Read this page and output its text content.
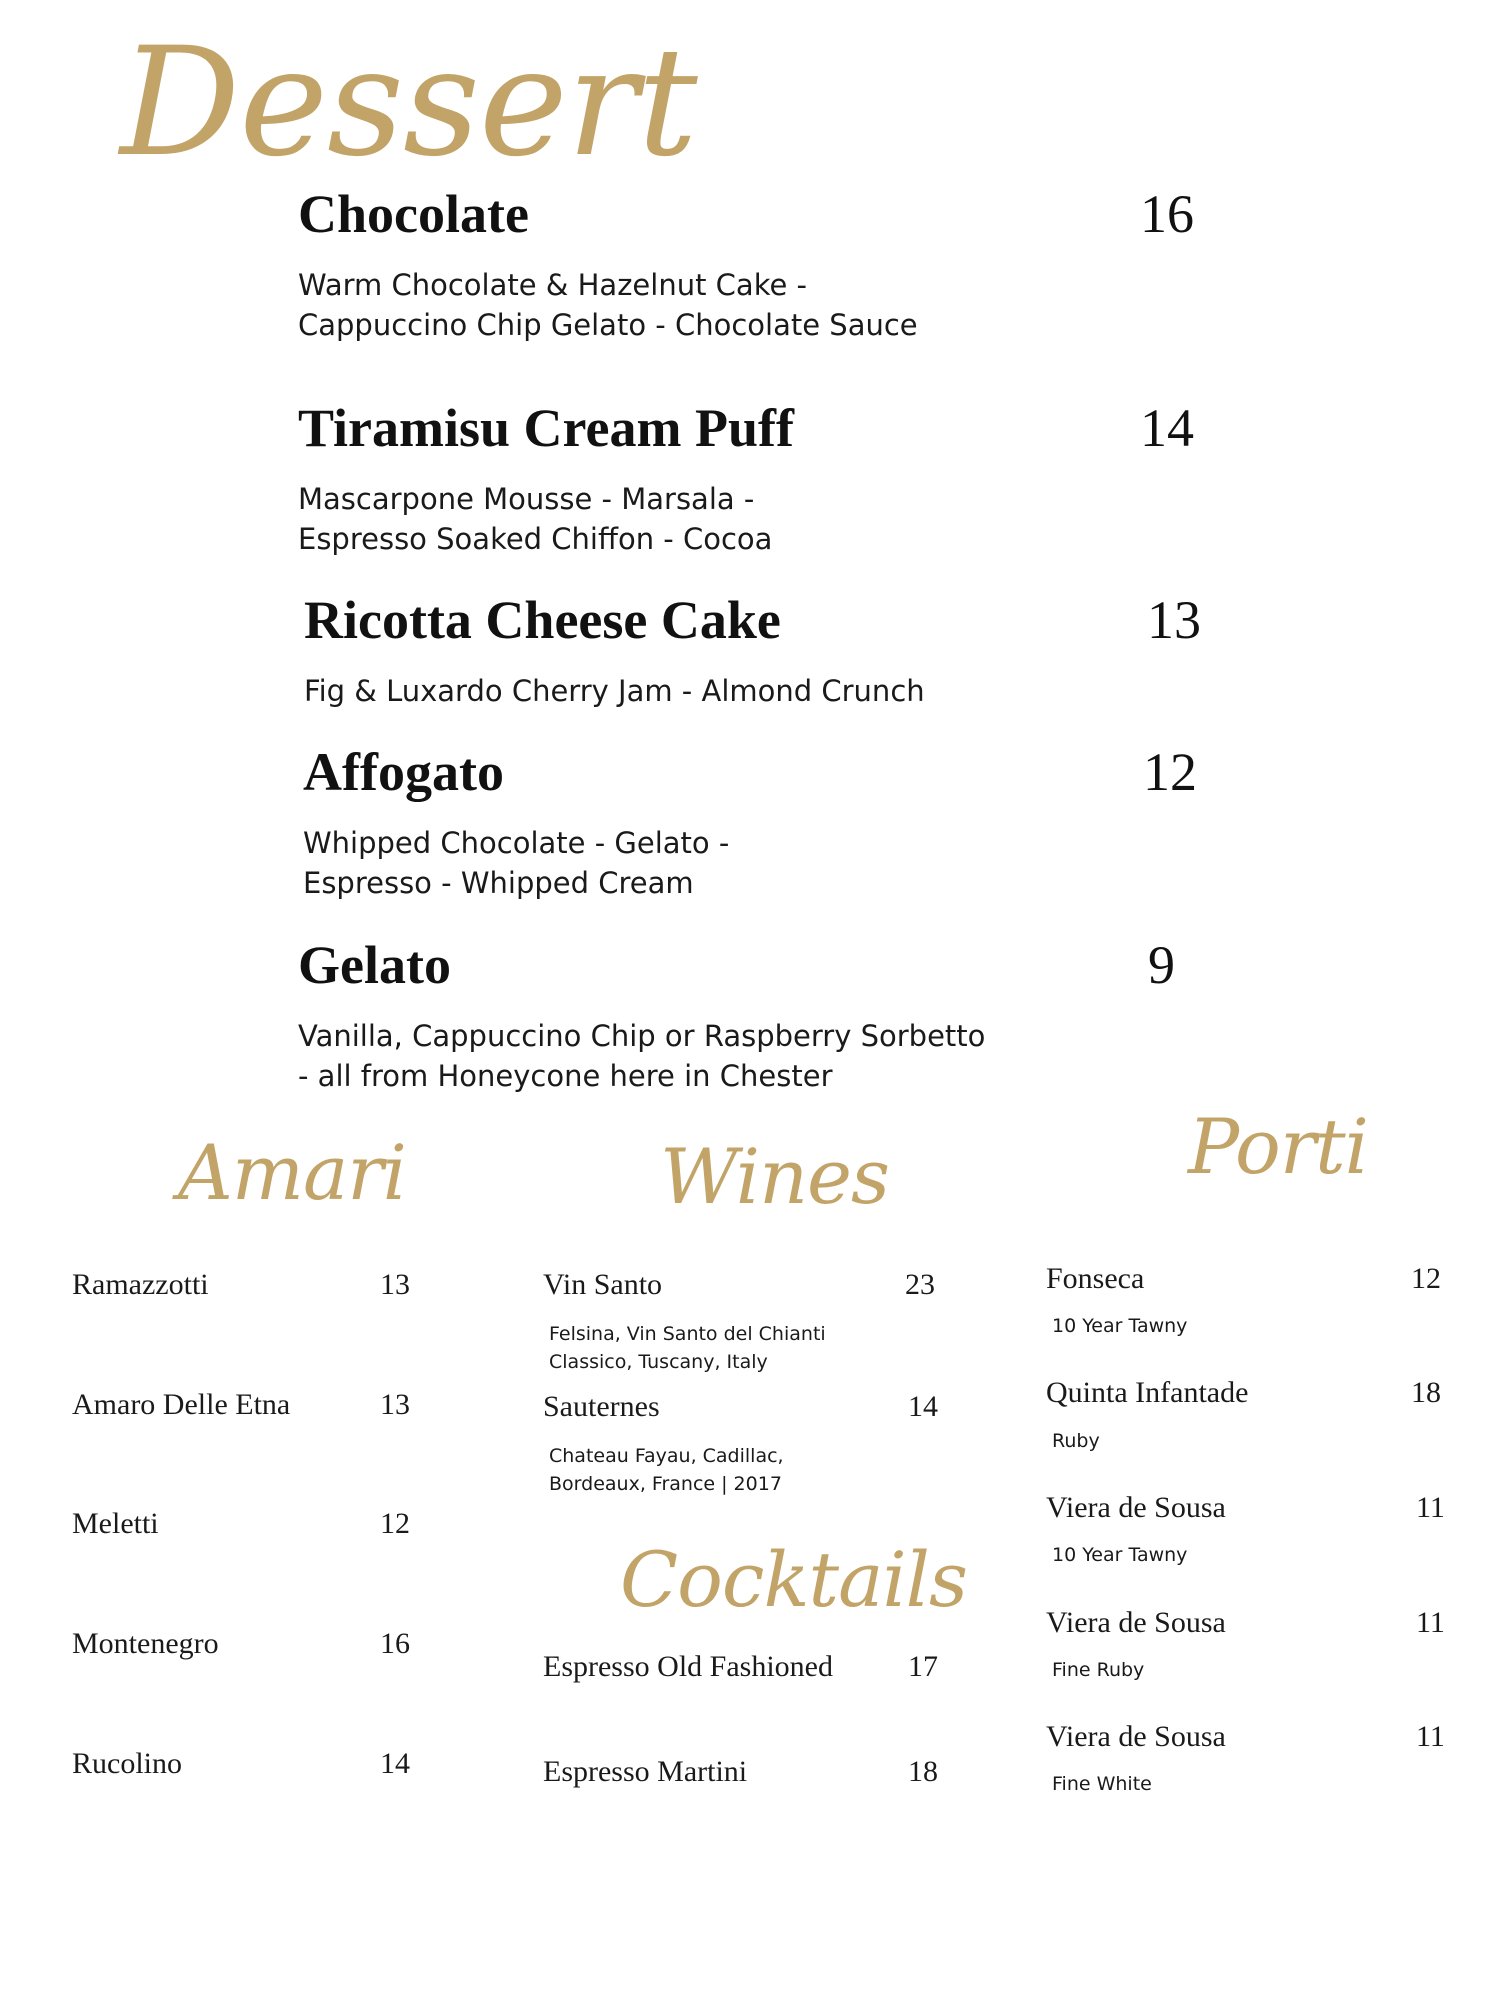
Dessert
Amari	Wines	Porti
Cocktails
Chocolate	16
Warm Chocolate & Hazelnut Cake -
Cappuccino Chip Gelato - Chocolate Sauce
Tiramisu Cream Puff	14
Mascarpone Mousse - Marsala -
Espresso Soaked Chiffon - Cocoa
Ricotta Cheese Cake	13
Fig & Luxardo Cherry Jam - Almond Crunch
Affogato	12
Whipped Chocolate - Gelato -
Espresso - Whipped Cream
Gelato	9
Vanilla, Cappuccino Chip or Raspberry Sorbetto
- all from Honeycone here in Chester
Ramazzotti	13
Amaro Delle Etna	13
Meletti	12
Montenegro	16
Rucolino	14
Vin Santo	23
Felsina, Vin Santo del Chianti
Classico, Tuscany, Italy
Sauternes	14
Chateau Fayau, Cadillac,
Bordeaux, France | 2017
Espresso Old Fashioned	17
Espresso Martini	18
Fonseca	12
10 Year Tawny
Quinta Infantade	18
Ruby
Viera de Sousa	11
10 Year Tawny
Viera de Sousa	11
Fine Ruby
Viera de Sousa	11
Fine White
